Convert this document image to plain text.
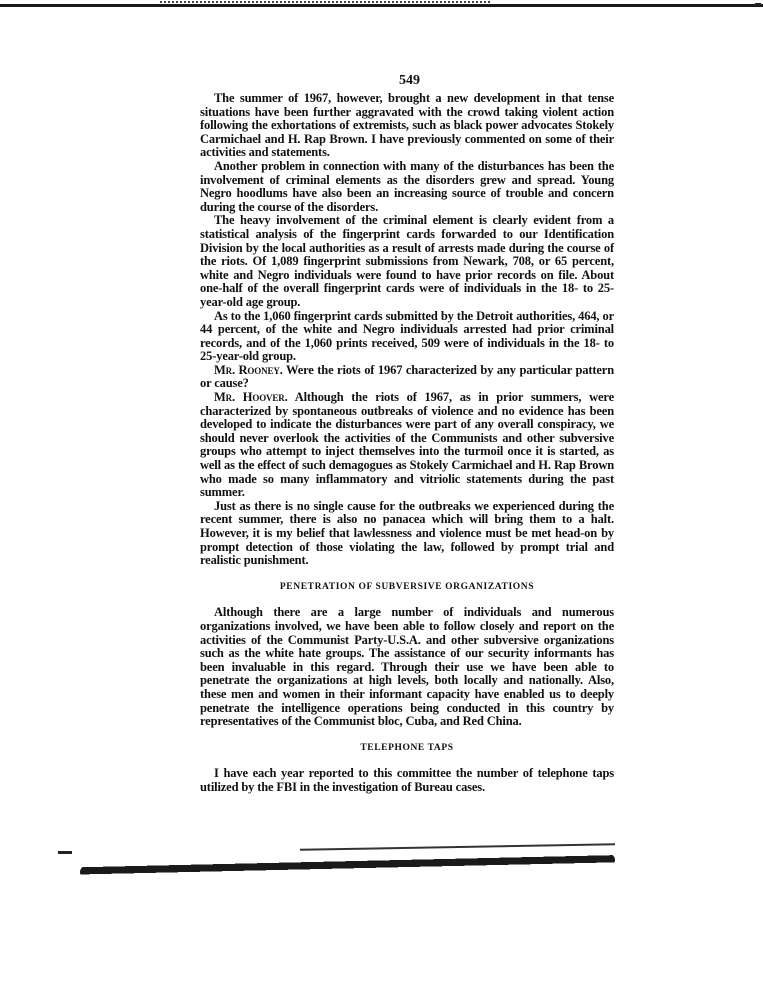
549

The summer of 1967, however, brought a new development in that tense situations have been further aggravated with the crowd taking violent action following the exhortations of extremists, such as black power advocates Stokely Carmichael and H. Rap Brown. I have previously commented on some of their activities and statements.

Another problem in connection with many of the disturbances has been the involvement of criminal elements as the disorders grew and spread. Young Negro hoodlums have also been an increasing source of trouble and concern during the course of the disorders.

The heavy involvement of the criminal element is clearly evident from a statistical analysis of the fingerprint cards forwarded to our Identification Division by the local authorities as a result of arrests made during the course of the riots. Of 1,089 fingerprint submissions from Newark, 708, or 65 percent, white and Negro individuals were found to have prior records on file. About one-half of the overall fingerprint cards were of individuals in the 18- to 25-year-old age group.

As to the 1,060 fingerprint cards submitted by the Detroit authorities, 464, or 44 percent, of the white and Negro individuals arrested had prior criminal records, and of the 1,060 prints received, 509 were of individuals in the 18- to 25-year-old group.

Mr. Rooney. Were the riots of 1967 characterized by any particular pattern or cause?

Mr. Hoover. Although the riots of 1967, as in prior summers, were characterized by spontaneous outbreaks of violence and no evidence has been developed to indicate the disturbances were part of any overall conspiracy, we should never overlook the activities of the Communists and other subversive groups who attempt to inject themselves into the turmoil once it is started, as well as the effect of such demagogues as Stokely Carmichael and H. Rap Brown who made so many inflammatory and vitriolic statements during the past summer.

Just as there is no single cause for the outbreaks we experienced during the recent summer, there is also no panacea which will bring them to a halt. However, it is my belief that lawlessness and violence must be met head-on by prompt detection of those violating the law, followed by prompt trial and realistic punishment.

PENETRATION OF SUBVERSIVE ORGANIZATIONS

Although there are a large number of individuals and numerous organizations involved, we have been able to follow closely and report on the activities of the Communist Party-U.S.A. and other subversive organizations such as the white hate groups. The assistance of our security informants has been invaluable in this regard. Through their use we have been able to penetrate the organizations at high levels, both locally and nationally. Also, these men and women in their informant capacity have enabled us to deeply penetrate the intelligence operations being conducted in this country by representatives of the Communist bloc, Cuba, and Red China.

TELEPHONE TAPS

I have each year reported to this committee the number of telephone taps utilized by the FBI in the investigation of Bureau cases.
